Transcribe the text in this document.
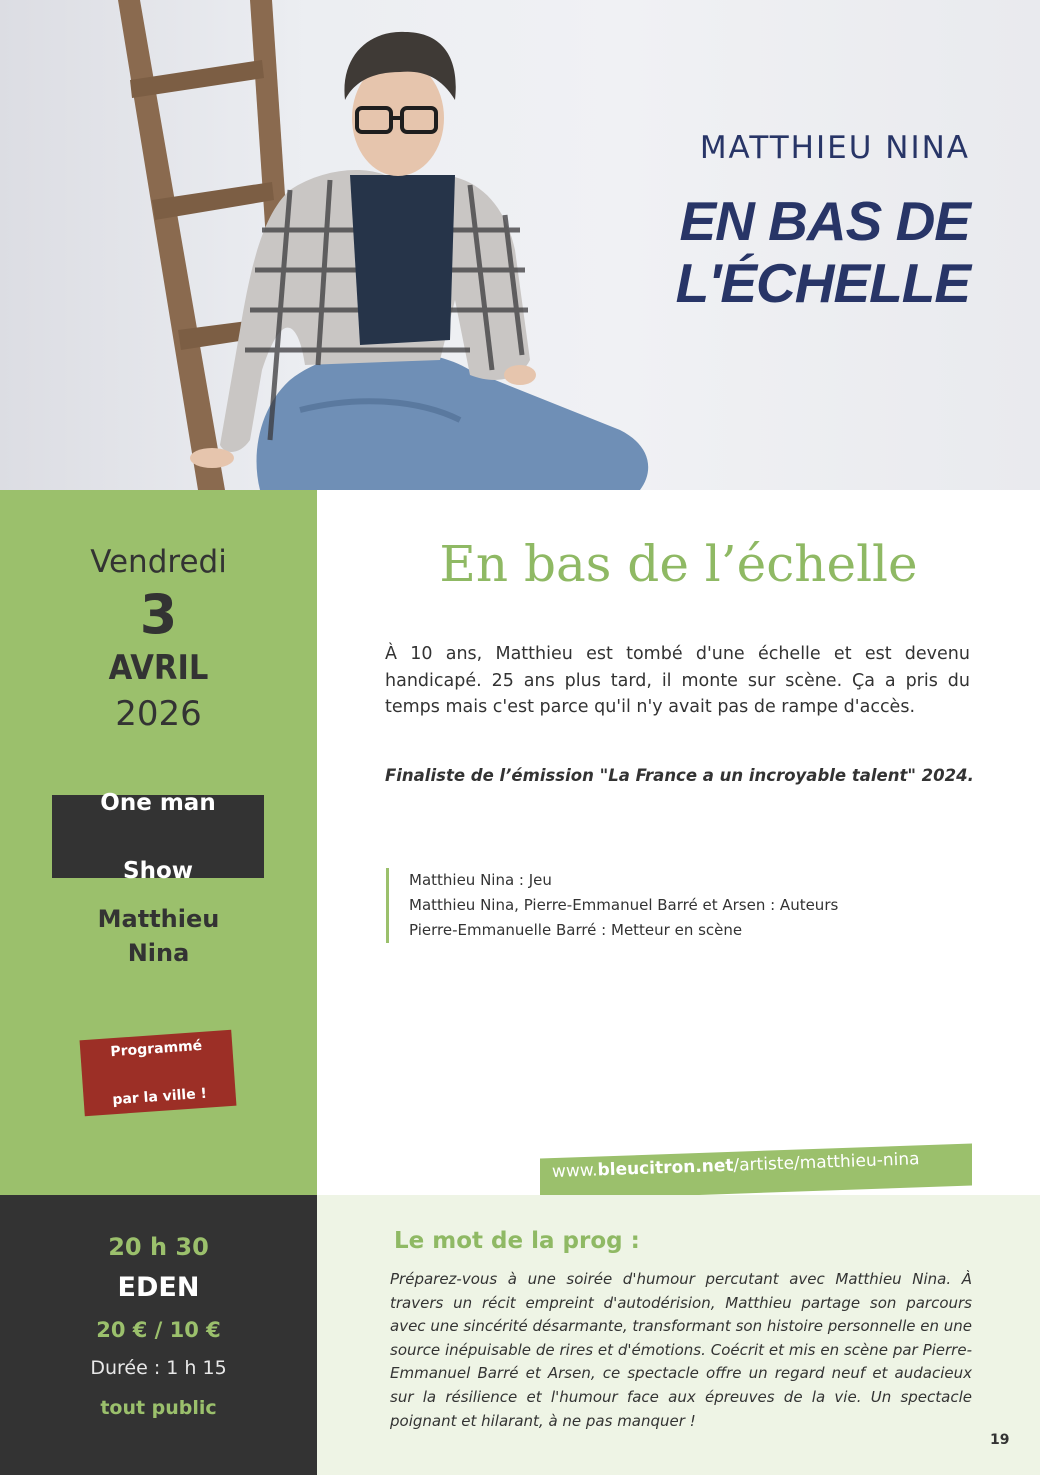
MATTHIEU NINA
EN BAS DE
L'ÉCHELLE
Vendredi
3
AVRIL
2026
One man

Show
Matthieu
Nina
Programmé

par la ville !
20 h 30
EDEN
20 € / 10 €
Durée : 1 h 15
tout public
En bas de l’échelle
À 10 ans, Matthieu est tombé d'une échelle et est devenu handicapé. 25 ans plus tard, il monte sur scène. Ça a pris du temps mais c'est parce qu'il n'y avait pas de rampe d'accès.
Finaliste de l’émission "La France a un incroyable talent" 2024.
Matthieu Nina : Jeu
Matthieu Nina, Pierre-Emmanuel Barré et Arsen : Auteurs
Pierre-Emmanuelle Barré : Metteur en scène
www.bleucitron.net/artiste/matthieu-nina
Le mot de la prog :
Préparez-vous à une soirée d'humour percutant avec Matthieu Nina. À travers un récit empreint d'autodérision, Matthieu partage son parcours avec une sincérité désarmante, transformant son histoire personnelle en une source inépuisable de rires et d'émotions. Coécrit et mis en scène par Pierre-Emmanuel Barré et Arsen, ce spectacle offre un regard neuf et audacieux sur la résilience et l'humour face aux épreuves de la vie. Un spectacle poignant et hilarant, à ne pas manquer !
19
